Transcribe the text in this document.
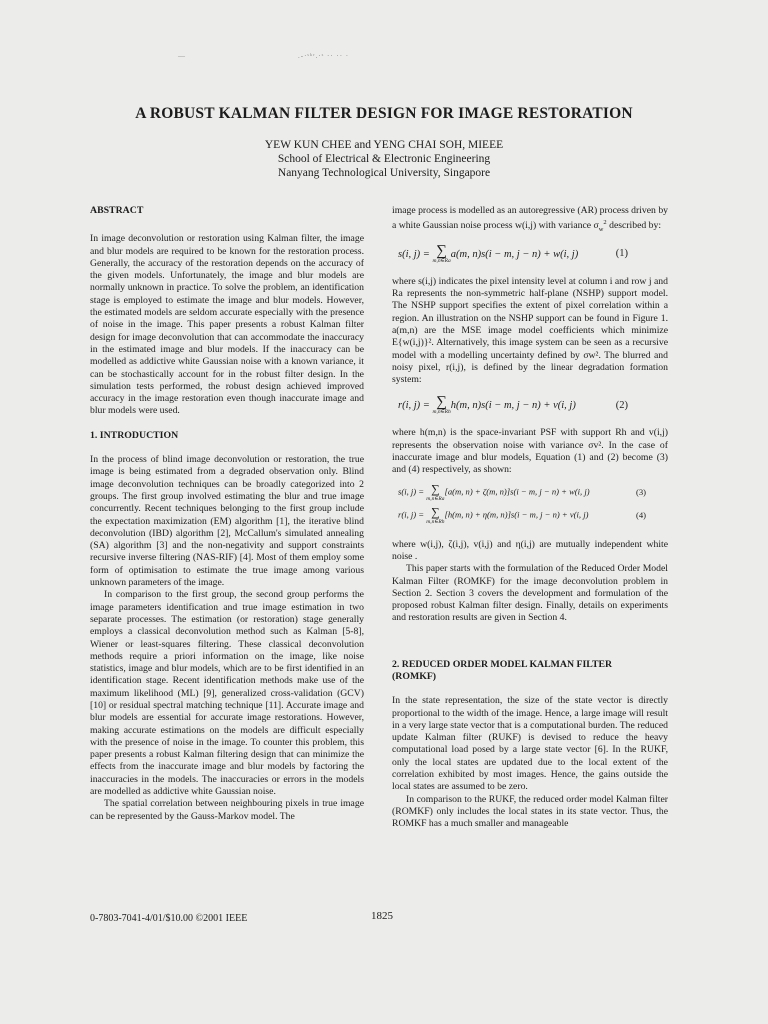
—	.-·ˢᵏʳ.·ˢ ·· ·· ·
A ROBUST KALMAN FILTER DESIGN FOR IMAGE RESTORATION
YEW KUN CHEE and YENG CHAI SOH, MIEEE
School of Electrical & Electronic Engineering
Nanyang Technological University, Singapore

ABSTRACT

In image deconvolution or restoration using Kalman filter, the image and blur models are required to be known for the restoration process. Generally, the accuracy of the restoration depends on the accuracy of the given models. Unfortunately, the image and blur models are normally unknown in practice. To solve the problem, an identification stage is employed to estimate the image and blur models. However, the estimated models are seldom accurate especially with the presence of noise in the image. This paper presents a robust Kalman filter design for image deconvolution that can accommodate the inaccuracy in the estimated image and blur models. If the inaccuracy can be modelled as addictive white Gaussian noise with a known variance, it can be stochastically account for in the robust filter design. In the simulation tests performed, the robust design achieved improved accuracy in the image restoration even though inaccurate image and blur models were used.

1. INTRODUCTION

In the process of blind image deconvolution or restoration, the true image is being estimated from a degraded observation only. Blind image deconvolution techniques can be broadly categorized into 2 groups. The first group involved estimating the blur and true image concurrently. Recent techniques belonging to the first group include the expectation maximization (EM) algorithm [1], the iterative blind deconvolution (IBD) algorithm [2], McCallum's simulated annealing (SA) algorithm [3] and the non-negativity and support constraints recursive inverse filtering (NAS-RIF) [4]. Most of them employ some form of optimisation to estimate the true image among various unknown parameters of the image.

In comparison to the first group, the second group performs the image parameters identification and true image estimation in two separate processes. The estimation (or restoration) stage generally employs a classical deconvolution method such as Kalman [5-8], Wiener or least-squares filtering. These classical deconvolution methods require a priori information on the image, like noise statistics, image and blur models, which are to be first identified in an identification stage. Recent identification methods make use of the maximum likelihood (ML) [9], generalized cross-validation (GCV) [10] or residual spectral matching technique [11]. Accurate image and blur models are essential for accurate image restorations. However, making accurate estimations on the models are difficult especially with the presence of noise in the image. To counter this problem, this paper presents a robust Kalman filtering design that can minimize the effects from the inaccurate image and blur models by factoring the inaccuracies in the models. The inaccuracies or errors in the models are modelled as addictive white Gaussian noise.

The spatial correlation between neighbouring pixels in true image can be represented by the Gauss-Markov model. The

image process is modelled as an autoregressive (AR) process driven by a white Gaussian noise process w(i,j) with variance $\sigma_w^2$ described by:

s(i, j) = ∑
m,n∈Ra
a(m, n)s(i − m, j − n) + w(i, j)	(1)

where s(i,j) indicates the pixel intensity level at column i and row j and Ra represents the non-symmetric half-plane (NSHP) support model. The NSHP support specifies the extent of pixel correlation within a region. An illustration on the NSHP support can be found in Figure 1. a(m,n) are the MSE image model coefficients which minimize E{w(i,j)}². Alternatively, this image system can be seen as a recursive model with a modelling uncertainty defined by σw². The blurred and noisy pixel, r(i,j), is defined by the linear degradation formation system:

r(i, j) = ∑
m,n∈Rh
h(m, n)s(i − m, j − n) + v(i, j)	(2)

where h(m,n) is the space-invariant PSF with support Rh and v(i,j) represents the observation noise with variance σv². In the case of inaccurate image and blur models, Equation (1) and (2) become (3) and (4) respectively, as shown:

s(i, j) = ∑
m,n∈Ra
[a(m, n) + ζ(m, n)]s(i − m, j − n) + w(i, j)	(3)
r(i, j) = ∑
m,n∈Rh
[h(m, n) + η(m, n)]s(i − m, j − n) + v(i, j)	(4)

where w(i,j), ζ(i,j), v(i,j) and η(i,j) are mutually independent white noise .

This paper starts with the formulation of the Reduced Order Model Kalman Filter (ROMKF) for the image deconvolution problem in Section 2. Section 3 covers the development and formulation of the proposed robust Kalman filter design. Finally, details on experiments and restoration results are given in Section 4.

2. REDUCED ORDER MODEL KALMAN FILTER

(ROMKF)

In the state representation, the size of the state vector is directly proportional to the width of the image. Hence, a large image will result in a very large state vector that is a computational burden. The reduced update Kalman filter (RUKF) is devised to reduce the heavy computational load posed by a large state vector [6]. In the RUKF, only the local states are updated due to the local extent of the correlation exhibited by most images. Hence, the gains outside the local states are assumed to be zero.

In comparison to the RUKF, the reduced order model Kalman filter (ROMKF) only includes the local states in its state vector. Thus, the ROMKF has a much smaller and manageable

0-7803-7041-4/01/$10.00 ©2001 IEEE	1825
